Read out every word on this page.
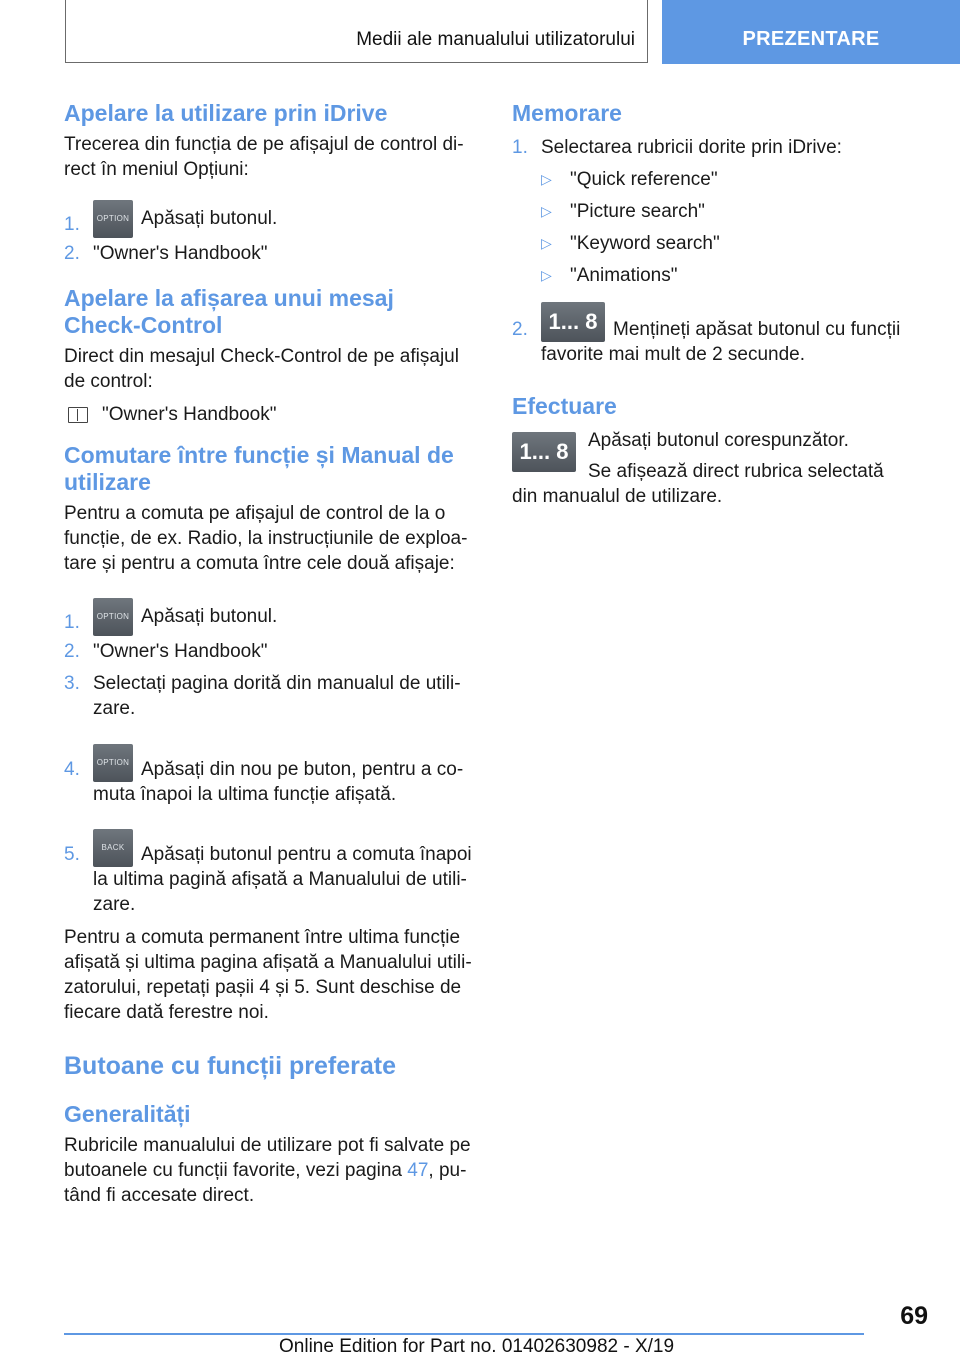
Medii ale manualului utilizatorului	PREZENTARE
Apelare la utilizare prin iDrive

Trecerea din funcția de pe afișajul de control di-rect în meniul Opțiuni:

1. OPTION Apăsați butonul.
2. "Owner's Handbook"
Apelare la afișarea unui mesaj Check-Control

Direct din mesajul Check-Control de pe afișajul de control:

"Owner's Handbook"

Comutare între funcție și Manual de utilizare

Pentru a comuta pe afișajul de control de la o funcție, de ex. Radio, la instrucțiunile de exploa-tare și pentru a comuta între cele două afișaje:

1. OPTION Apăsați butonul.
2. "Owner's Handbook"
3. Selectați pagina dorită din manualul de utili-zare.
4. OPTION Apăsați din nou pe buton, pentru a co-muta înapoi la ultima funcție afișată.
5.	BACK Apăsați butonul pentru a comuta înapoi la ultima pagină afișată a Manualului de utili-zare.

Pentru a comuta permanent între ultima funcție afișată și ultima pagina afișată a Manualului utili-zatorului, repetați pașii 4 și 5. Sunt deschise de fiecare dată ferestre noi.

Butoane cu funcții preferate
Generalități

Rubricile manualului de utilizare pot fi salvate pe butoanele cu funcții favorite, vezi pagina 47, pu-tând fi accesate direct.

Memorare
1. Selectarea rubricii dorite prin iDrive:
▷ "Quick reference"
▷ "Picture search"
▷ "Keyword search"
▷ "Animations"
2. 1... 8 Mențineți apăsat butonul cu funcții favorite mai mult de 2 secunde.
Efectuare
1... 8	Apăsați butonul corespunzător.

Se afișează direct rubrica selectată din manualul de utilizare.

69
Online Edition for Part no. 01402630982 - X/19
